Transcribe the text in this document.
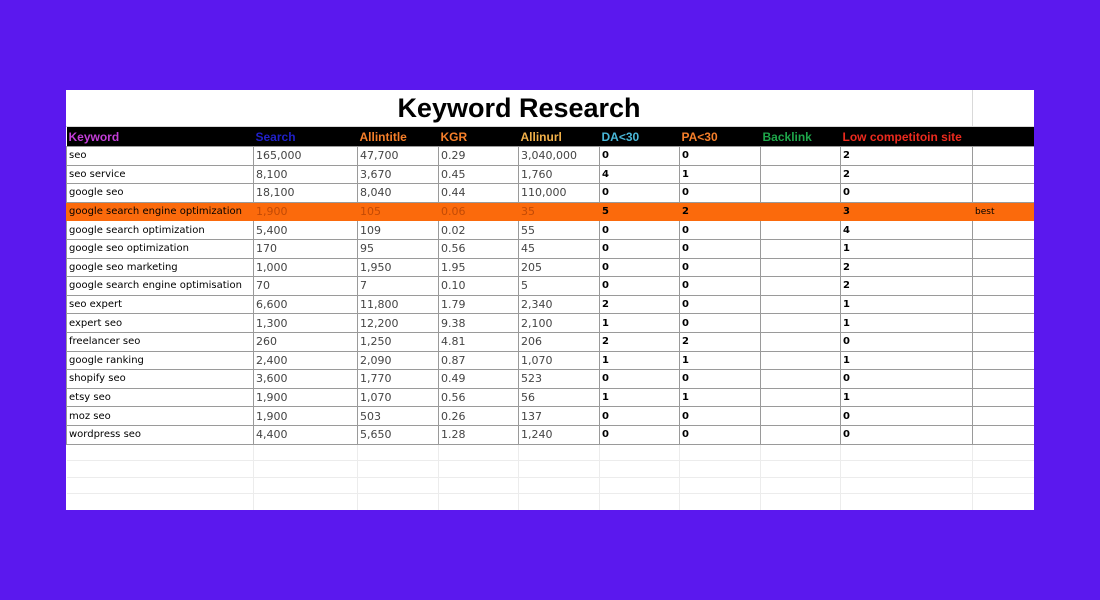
Keyword Research
Keyword	Search	Allintitle	KGR	Allinurl	DA<30	PA<30	Backlink	Low competitoin site	
seo	165,000	47,700	0.29	3,040,000	0	0		2	
seo service	8,100	3,670	0.45	1,760	4	1		2	
google seo	18,100	8,040	0.44	110,000	0	0		0	
google search engine optimization	1,900	105	0.06	35	5	2		3	best
google search optimization	5,400	109	0.02	55	0	0		4	
google seo optimization	170	95	0.56	45	0	0		1	
google seo marketing	1,000	1,950	1.95	205	0	0		2	
google search engine optimisation	70	7	0.10	5	0	0		2	
seo expert	6,600	11,800	1.79	2,340	2	0		1	
expert seo	1,300	12,200	9.38	2,100	1	0		1	
freelancer seo	260	1,250	4.81	206	2	2		0	
google ranking	2,400	2,090	0.87	1,070	1	1		1	
shopify seo	3,600	1,770	0.49	523	0	0		0	
etsy seo	1,900	1,070	0.56	56	1	1		1	
moz seo	1,900	503	0.26	137	0	0		0	
wordpress seo	4,400	5,650	1.28	1,240	0	0		0	
